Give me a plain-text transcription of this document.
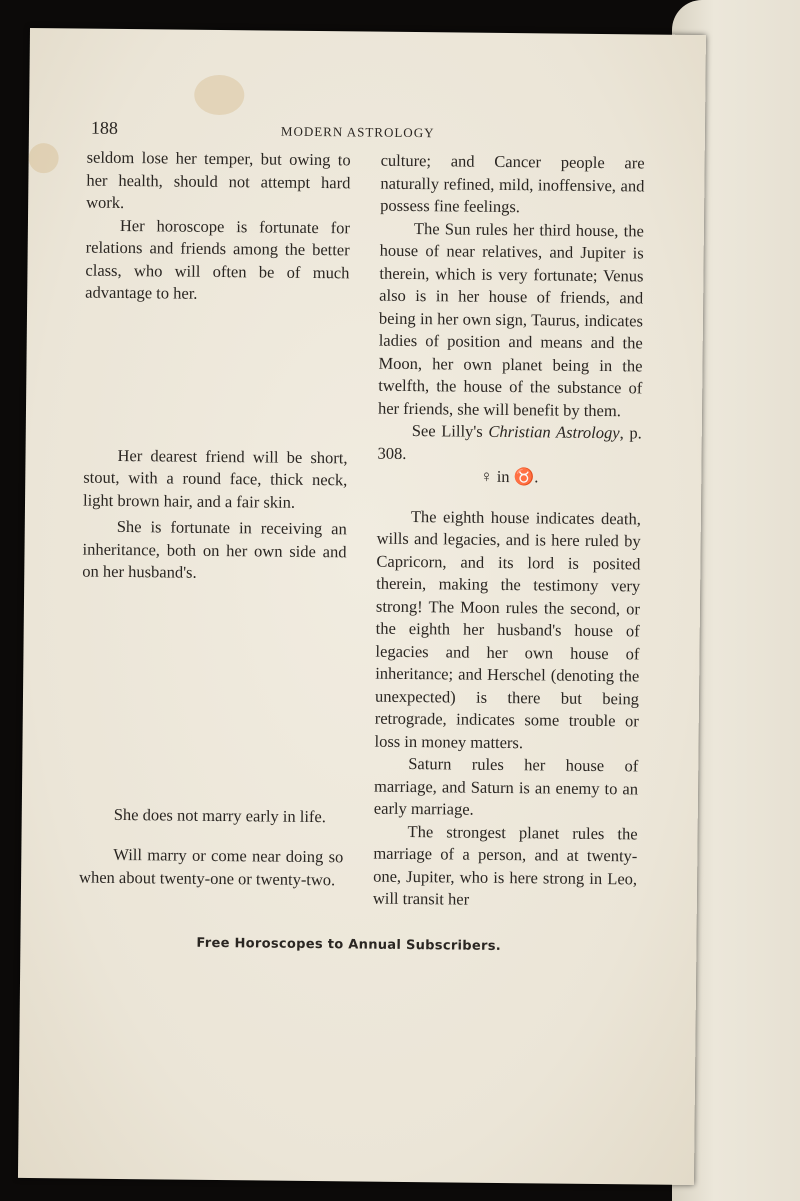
188	MODERN ASTROLOGY

seldom lose her temper, but owing to her health, should not attempt hard work.

Her horoscope is fortunate for relations and friends among the better class, who will often be of much advantage to her.

Her dearest friend will be short, stout, with a round face, thick neck, light brown hair, and a fair skin.

She is fortunate in receiving an inheritance, both on her own side and on her husband's.

She does not marry early in life.

Will marry or come near doing so when about twenty-one or twenty-two.

culture; and Cancer people are naturally refined, mild, inoffensive, and possess fine feelings.

The Sun rules her third house, the house of near relatives, and Jupiter is therein, which is very fortunate; Venus also is in her house of friends, and being in her own sign, Taurus, indicates ladies of position and means and the Moon, her own planet being in the twelfth, the house of the substance of her friends, she will benefit by them.

See Lilly's Christian Astrology, p. 308.

♀ in ♉.

The eighth house indicates death, wills and legacies, and is here ruled by Capricorn, and its lord is posited therein, making the testimony very strong! The Moon rules the second, or the eighth her husband's house of legacies and her own house of inheritance; and Herschel (denoting the unexpected) is there but being retrograde, indicates some trouble or loss in money matters.

Saturn rules her house of marriage, and Saturn is an enemy to an early marriage.

The strongest planet rules the marriage of a person, and at twenty-one, Jupiter, who is here strong in Leo, will transit her

Free Horoscopes to Annual Subscribers.
